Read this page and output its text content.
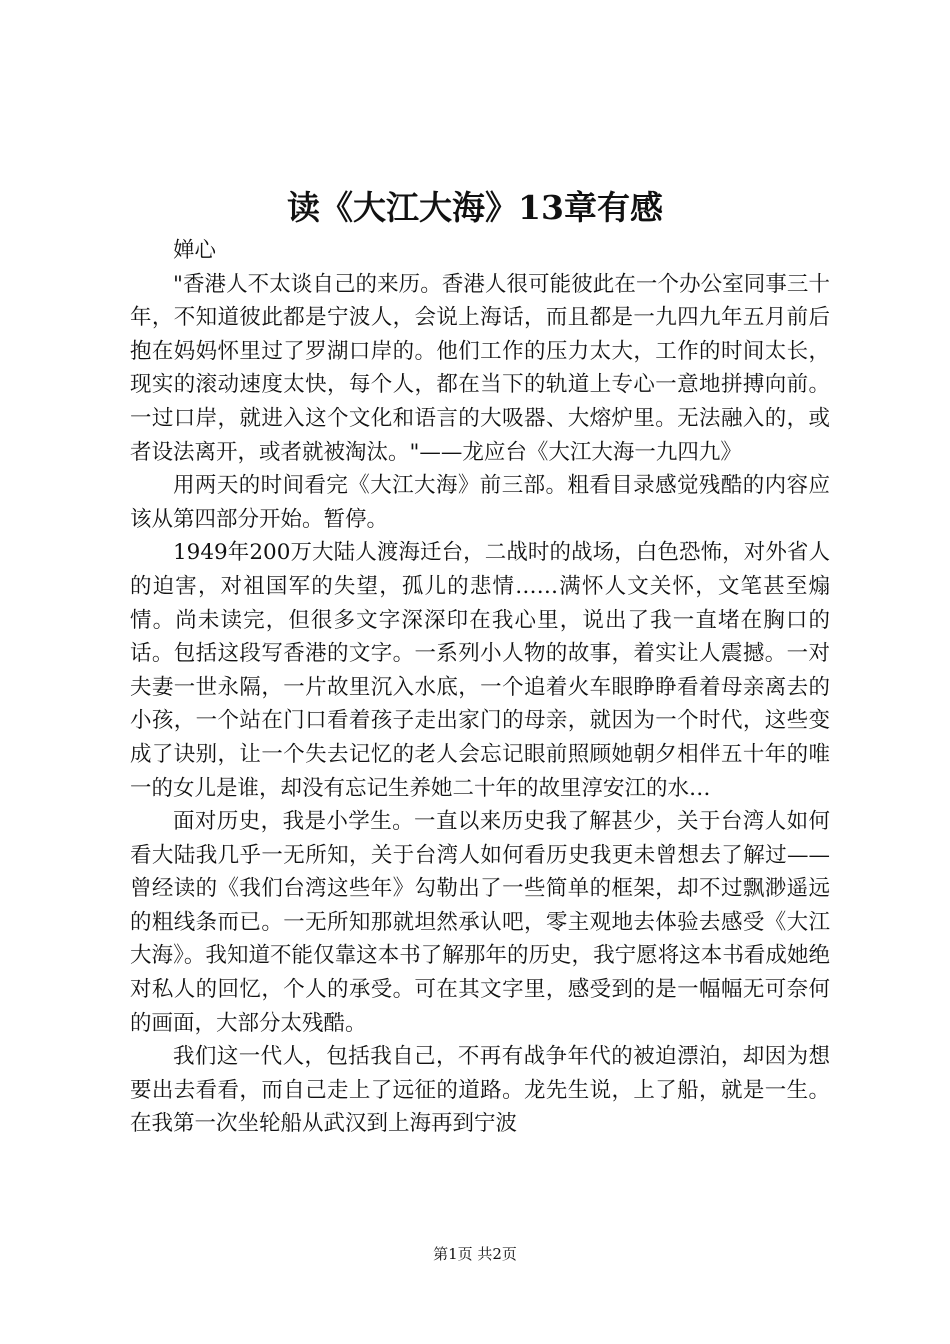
读《大江大海》13章有感

婵心

"香港人不太谈自己的来历。香港人很可能彼此在一个办公室同事三十年，不知道彼此都是宁波人，会说上海话，而且都是一九四九年五月前后抱在妈妈怀里过了罗湖口岸的。他们工作的压力太大，工作的时间太长，现实的滚动速度太快，每个人，都在当下的轨道上专心一意地拼搏向前。一过口岸，就进入这个文化和语言的大吸器、大熔炉里。无法融入的，或者设法离开，或者就被淘汰。"——龙应台《大江大海一九四九》

用两天的时间看完《大江大海》前三部。粗看目录感觉残酷的内容应该从第四部分开始。暂停。

1949年200万大陆人渡海迁台，二战时的战场，白色恐怖，对外省人的迫害，对祖国军的失望，孤儿的悲情……满怀人文关怀，文笔甚至煽情。尚未读完，但很多文字深深印在我心里，说出了我一直堵在胸口的话。包括这段写香港的文字。一系列小人物的故事，着实让人震撼。一对夫妻一世永隔，一片故里沉入水底，一个追着火车眼睁睁看着母亲离去的小孩，一个站在门口看着孩子走出家门的母亲，就因为一个时代，这些变成了诀别，让一个失去记忆的老人会忘记眼前照顾她朝夕相伴五十年的唯一的女儿是谁，却没有忘记生养她二十年的故里淳安江的水…

面对历史，我是小学生。一直以来历史我了解甚少，关于台湾人如何看大陆我几乎一无所知，关于台湾人如何看历史我更未曾想去了解过——曾经读的《我们台湾这些年》勾勒出了一些简单的框架，却不过飘渺遥远的粗线条而已。一无所知那就坦然承认吧，零主观地去体验去感受《大江大海》。我知道不能仅靠这本书了解那年的历史，我宁愿将这本书看成她绝对私人的回忆，个人的承受。可在其文字里，感受到的是一幅幅无可奈何的画面，大部分太残酷。

我们这一代人，包括我自己，不再有战争年代的被迫漂泊，却因为想要出去看看，而自己走上了远征的道路。龙先生说，上了船，就是一生。在我第一次坐轮船从武汉到上海再到宁波

第1页 共2页
